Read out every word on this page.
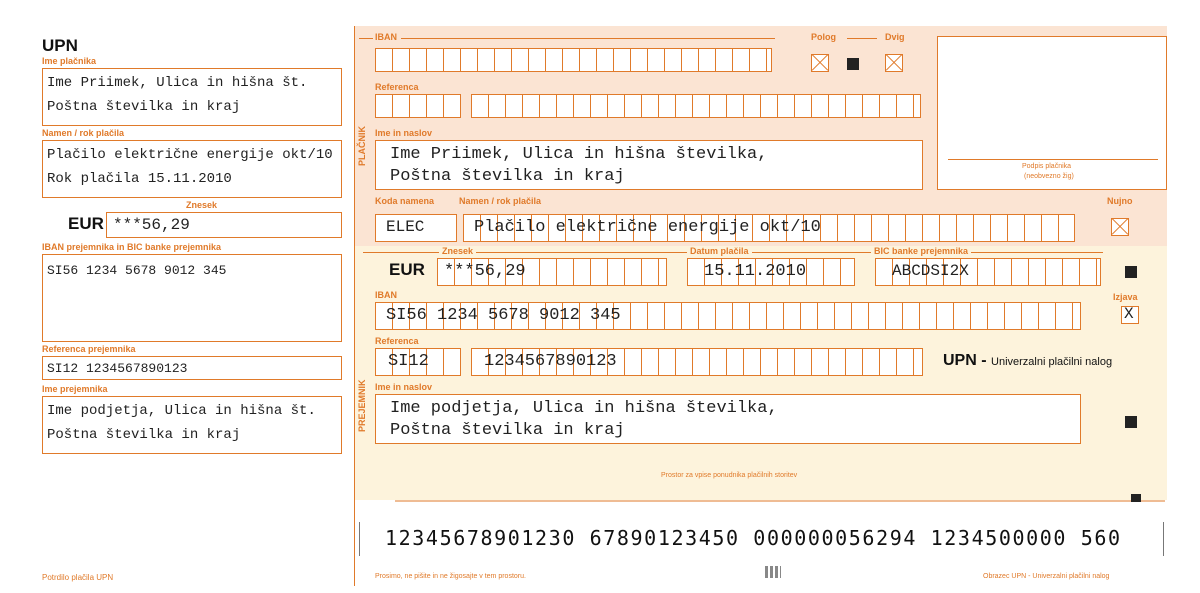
UPN
Ime plačnika
Ime Priimek, Ulica in hišna št.
Poštna številka in kraj
Namen / rok plačila
Plačilo električne energije okt/10
Rok plačila 15.11.2010
Znesek
EUR ***56,29
IBAN prejemnika in BIC banke prejemnika
SI56 1234 5678 9012 345
Referenca prejemnika
SI12 1234567890123
Ime prejemnika
Ime podjetja, Ulica in hišna št.
Poštna številka in kraj
Potrdilo plačila UPN
PLAČNIK
IBAN	Polog	Dvig
Podpis plačnika
(neobvezno žig)
Referenca
Ime in naslov
Ime Priimek, Ulica in hišna številka,
Poštna številka in kraj
Koda namena	Namen / rok plačila	Nujno
ELEC	Plačilo električne energije okt/10
PREJEMNIK
Znesek	Datum plačila	BIC banke prejemnika
EUR ***56,29	15.11.2010	ABCDSI2X
IBAN	Izjava
SI56 1234 5678 9012 345	X
Referenca
SI12	1234567890123	UPN - Univerzalni plačilni nalog
Ime in naslov
Ime podjetja, Ulica in hišna številka,
Poštna številka in kraj
Prostor za vpise ponudnika plačilnih storitev
12345678901230 67890123450 000000056294 1234500000 560
Prosimo, ne pišite in ne žigosajte v tem prostoru.	Obrazec UPN - Univerzalni plačilni nalog
